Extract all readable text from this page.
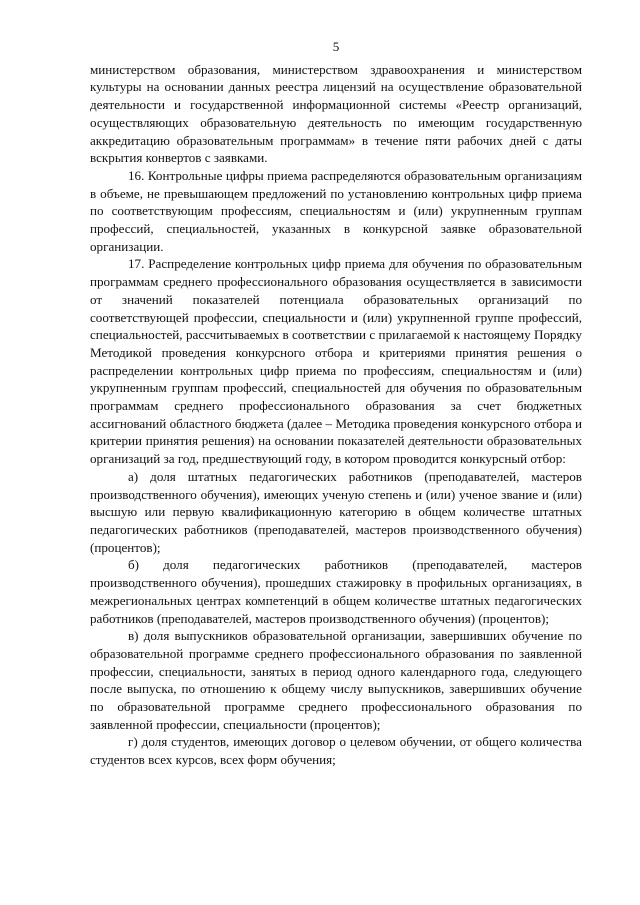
5

министерством образования, министерством здравоохранения и министерством культуры на основании данных реестра лицензий на осуществление образовательной деятельности и государственной информационной системы «Реестр организаций, осуществляющих образовательную деятельность по имеющим государственную аккредитацию образовательным программам» в течение пяти рабочих дней с даты вскрытия конвертов с заявками.

16. Контрольные цифры приема распределяются образовательным организациям в объеме, не превышающем предложений по установлению контрольных цифр приема по соответствующим профессиям, специальностям и (или) укрупненным группам профессий, специальностей, указанных в конкурсной заявке образовательной организации.

17. Распределение контрольных цифр приема для обучения по образовательным программам среднего профессионального образования осуществляется в зависимости от значений показателей потенциала образовательных организаций по соответствующей профессии, специальности и (или) укрупненной группе профессий, специальностей, рассчитываемых в соответствии с прилагаемой к настоящему Порядку Методикой проведения конкурсного отбора и критериями принятия решения о распределении контрольных цифр приема по профессиям, специальностям и (или) укрупненным группам профессий, специальностей для обучения по образовательным программам среднего профессионального образования за счет бюджетных ассигнований областного бюджета (далее – Методика проведения конкурсного отбора и критерии принятия решения) на основании показателей деятельности образовательных организаций за год, предшествующий году, в котором проводится конкурсный отбор:

а) доля штатных педагогических работников (преподавателей, мастеров производственного обучения), имеющих ученую степень и (или) ученое звание и (или) высшую или первую квалификационную категорию в общем количестве штатных педагогических работников (преподавателей, мастеров производственного обучения) (процентов);

б) доля педагогических работников (преподавателей, мастеров производственного обучения), прошедших стажировку в профильных организациях, в межрегиональных центрах компетенций в общем количестве штатных педагогических работников (преподавателей, мастеров производственного обучения) (процентов);

в) доля выпускников образовательной организации, завершивших обучение по образовательной программе среднего профессионального образования по заявленной профессии, специальности, занятых в период одного календарного года, следующего после выпуска, по отношению к общему числу выпускников, завершивших обучение по образовательной программе среднего профессионального образования по заявленной профессии, специальности (процентов);

г) доля студентов, имеющих договор о целевом обучении, от общего количества студентов всех курсов, всех форм обучения;
